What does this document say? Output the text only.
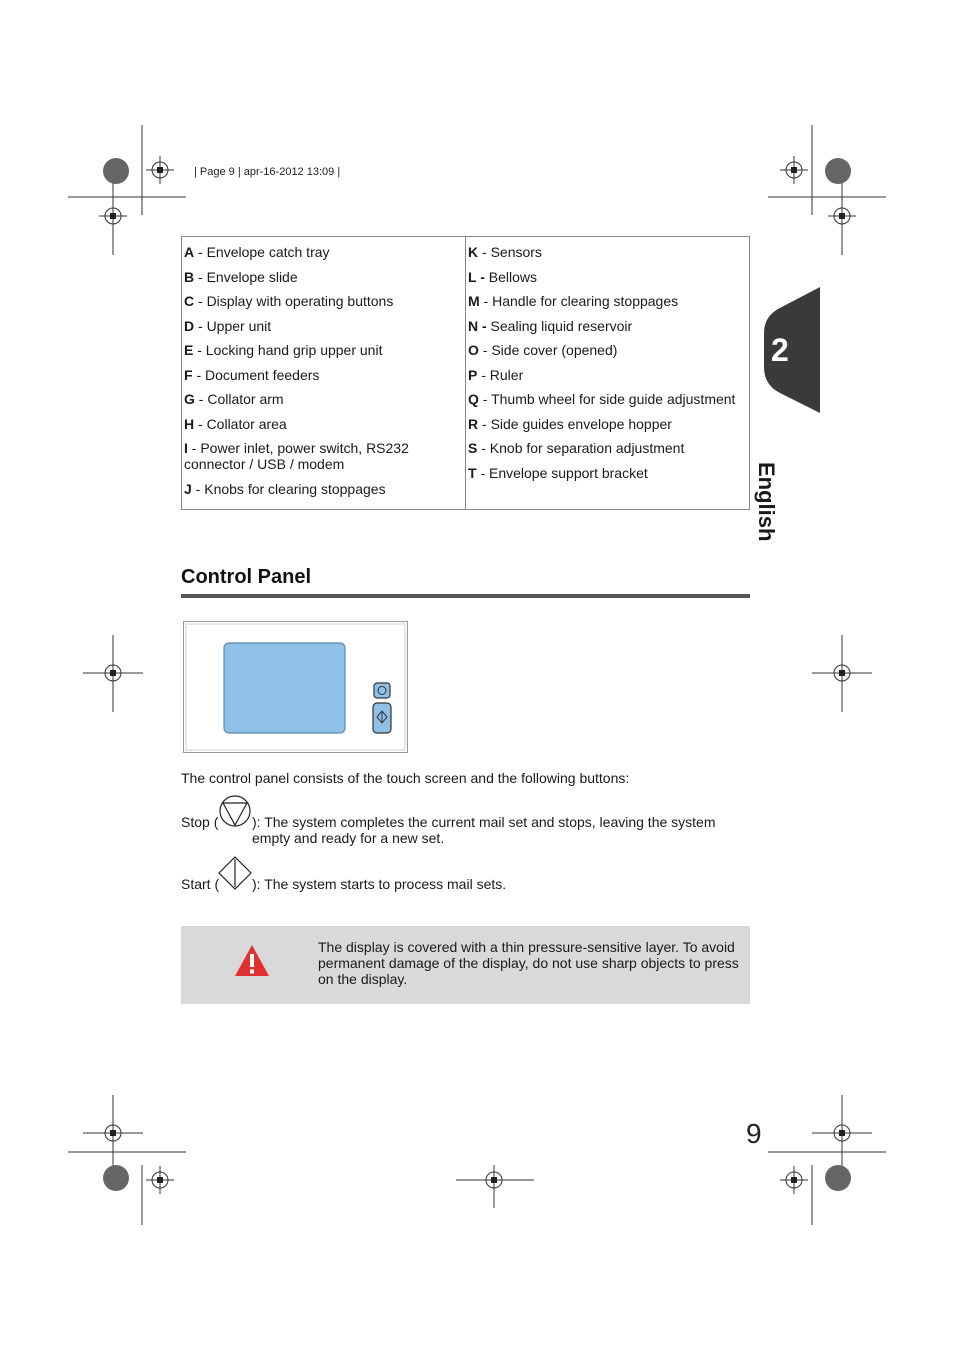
| Page 9 | apr-16-2012 13:09 |
A - Envelope catch tray
B - Envelope slide
C - Display with operating buttons
D - Upper unit
E - Locking hand grip upper unit
F - Document feeders
G - Collator arm
H - Collator area
I - Power inlet, power switch, RS232 connector / USB / modem
J - Knobs for clearing stoppages

K - Sensors
L - Bellows
M - Handle for clearing stoppages
N - Sealing liquid reservoir
O - Side cover (opened)
P - Ruler
Q - Thumb wheel for side guide adjustment
R - Side guides envelope hopper
S - Knob for separation adjustment
T - Envelope support bracket
2
English
Control Panel
The control panel consists of the touch screen and the following buttons:
Stop ( ): The system completes the current mail set and stops, leaving the system empty and ready for a new set.
Start ( ): The system starts to process mail sets.
The display is covered with a thin pressure-sensitive layer. To avoid permanent damage of the display, do not use sharp objects to press on the display.
9
